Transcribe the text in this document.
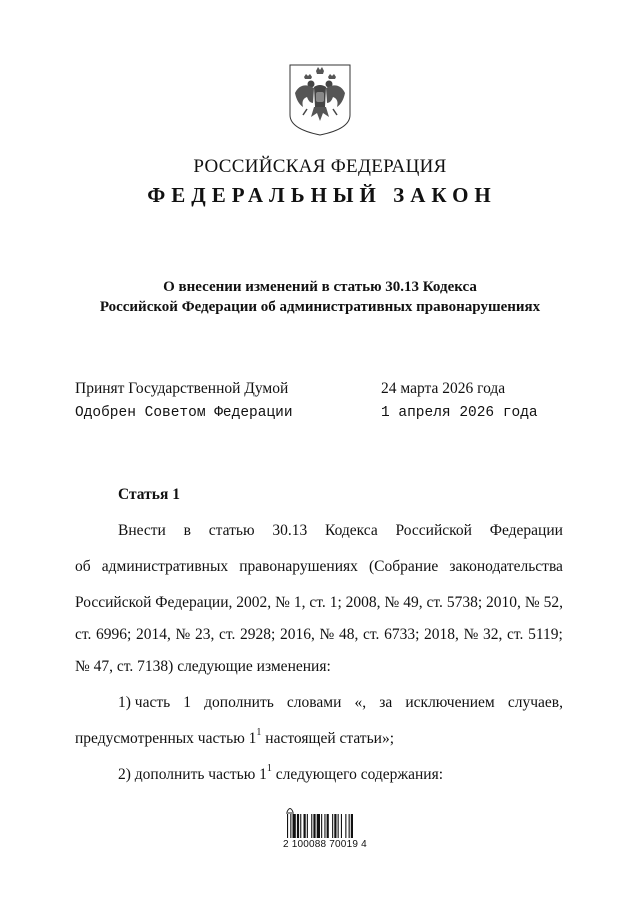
РОССИЙСКАЯ ФЕДЕРАЦИЯ
ФЕДЕРАЛЬНЫЙ ЗАКОН
О внесении изменений в статью 30.13 Кодекса
Российской Федерации об административных правонарушениях
Принят Государственной Думой	24 марта 2026 года
Одобрен Советом Федерации	1 апреля 2026 года
Статья 1
Внести в статью 30.13 Кодекса Российской Федерации
об административных правонарушениях (Собрание законодательства
Российской Федерации, 2002, № 1, ст. 1; 2008, № 49, ст. 5738; 2010, № 52,
ст. 6996; 2014, № 23, ст. 2928; 2016, № 48, ст. 6733; 2018, № 32, ст. 5119;
№ 47, ст. 7138) следующие изменения:
1) часть 1 дополнить словами «, за исключением случаев,
предусмотренных частью $1^1$ настоящей статьи»;
2) дополнить частью $1^1$ следующего содержания:
2 100088 70019 4
